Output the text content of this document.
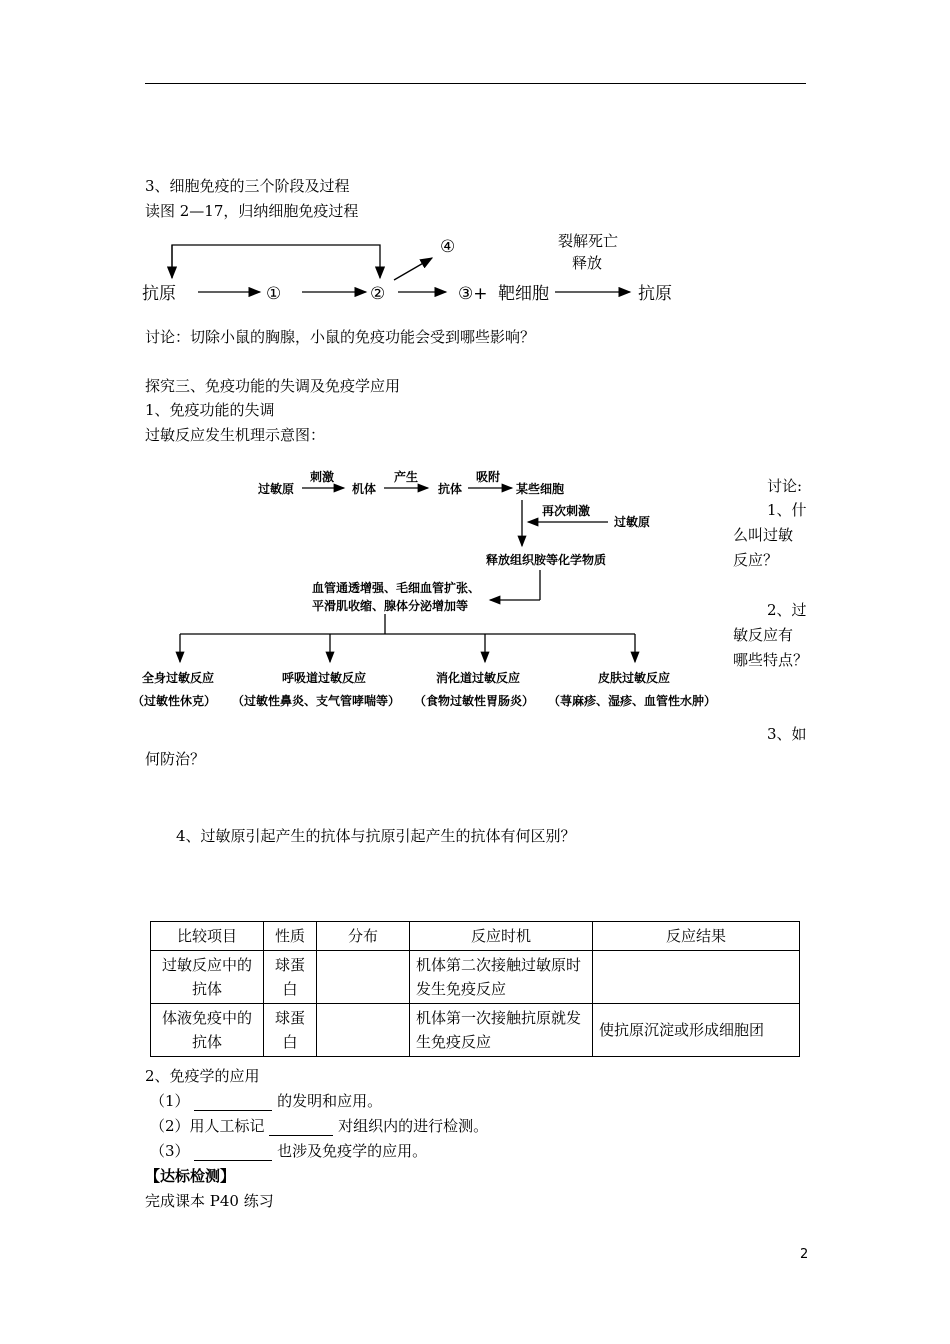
3、细胞免疫的三个阶段及过程
读图 2—17，归纳细胞免疫过程
抗原	①	②	③+
④
靶细胞	抗原
裂解死亡
释放
讨论：切除小鼠的胸腺，小鼠的免疫功能会受到哪些影响？
探究三、免疫功能的失调及免疫学应用
1、免疫功能的失调
过敏反应发生机理示意图：
过敏原
刺激
机体
产生
抗体
吸附
某些细胞
再次刺激
过敏原
释放组织胺等化学物质
血管通透增强、毛细血管扩张、
平滑肌收缩、腺体分泌增加等
全身过敏反应
（过敏性休克）
呼吸道过敏反应
（过敏性鼻炎、支气管哮喘等）
消化道过敏反应
（食物过敏性胃肠炎）
皮肤过敏反应
（荨麻疹、湿疹、血管性水肿）
讨论:
1、什
么叫过敏
反应？
2、过
敏反应有
哪些特点？
3、如
何防治？
4、过敏原引起产生的抗体与抗原引起产生的抗体有何区别？
比较项目	性质	分布	反应时机	反应结果
过敏反应中的抗体	球蛋白		机体第二次接触过敏原时发生免疫反应	
体液免疫中的抗体	球蛋白		机体第一次接触抗原就发生免疫反应	使抗原沉淀或形成细胞团
2、免疫学的应用
（1）	的发明和应用。
（2）用人工标记	对组织内的进行检测。
（3）	也涉及免疫学的应用。
【达标检测】
完成课本 P40 练习
2
